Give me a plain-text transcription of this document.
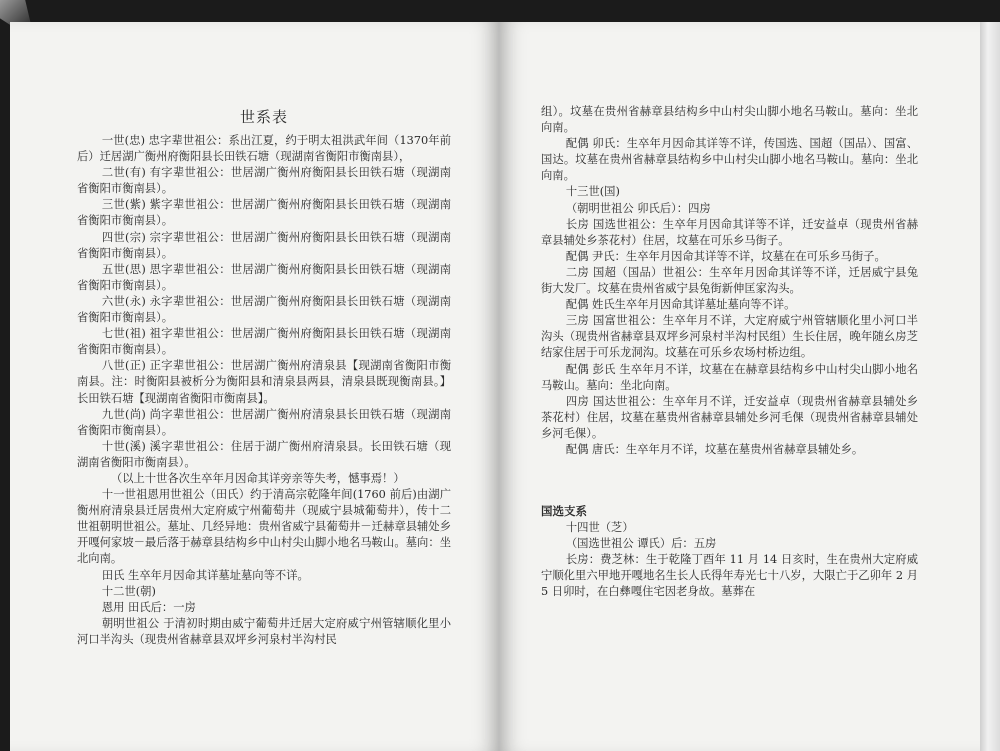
世系表

一世(忠) 忠字辈世祖公：系出江夏，约于明太祖洪武年间（1370年前后）迁居湖广衡州府衡阳县长田铁石塘（现湖南省衡阳市衡南县），

二世(有) 有字辈世祖公：世居湖广衡州府衡阳县长田铁石塘（现湖南省衡阳市衡南县）。

三世(紫) 紫字辈世祖公：世居湖广衡州府衡阳县长田铁石塘（现湖南省衡阳市衡南县）。

四世(宗) 宗字辈世祖公：世居湖广衡州府衡阳县长田铁石塘（现湖南省衡阳市衡南县）。

五世(思) 思字辈世祖公：世居湖广衡州府衡阳县长田铁石塘（现湖南省衡阳市衡南县）。

六世(永) 永字辈世祖公：世居湖广衡州府衡阳县长田铁石塘（现湖南省衡阳市衡南县）。

七世(祖) 祖字辈世祖公：世居湖广衡州府衡阳县长田铁石塘（现湖南省衡阳市衡南县）。

八世(正) 正字辈世祖公：世居湖广衡州府清泉县【现湖南省衡阳市衡南县。注：时衡阳县被析分为衡阳县和清泉县两县，清泉县既现衡南县。】长田铁石塘【现湖南省衡阳市衡南县】。

九世(尚) 尚字辈世祖公：世居湖广衡州府清泉县长田铁石塘（现湖南省衡阳市衡南县）。

十世(溪) 溪字辈世祖公：住居于湖广衡州府清泉县。长田铁石塘（现湖南省衡阳市衡南县）。

（以上十世各次生卒年月因命其详旁亲等失考，憾事焉！）

十一世祖恩用世祖公（田氏）约于清高宗乾隆年间(1760 前后)由湖广衡州府清泉县迁居贵州大定府威宁州葡萄井（现威宁县城葡萄井），传十二世祖朝明世祖公。墓址、几经异地：贵州省威宁县葡萄井－迁赫章县辅处乡开嘎何家坡－最后落于赫章县结构乡中山村尖山脚小地名马鞍山。墓向：坐北向南。

田氏 生卒年月因命其详墓址墓向等不详。

十二世(朝)

恩用 田氏后：一房

朝明世祖公 于清初时期由威宁葡萄井迁居大定府威宁州管辖顺化里小河口半沟头（现贵州省赫章县双坪乡河泉村半沟村民

组）。坟墓在贵州省赫章县结构乡中山村尖山脚小地名马鞍山。墓向：坐北向南。

配偶 卯氏：生卒年月因命其详等不详，传国选、国超（国品）、国富、国达。坟墓在贵州省赫章县结构乡中山村尖山脚小地名马鞍山。墓向：坐北向南。

十三世(国)

（朝明世祖公 卯氏后）：四房

长房 国选世祖公：生卒年月因命其详等不详，迁安益卓（现贵州省赫章县辅处乡茶花村）住居，坟墓在可乐乡马街子。

配偶 尹氏：生卒年月因命其详等不详，坟墓在在可乐乡马街子。

二房 国超（国品）世祖公：生卒年月因命其详等不详，迁居威宁县兔街大发厂。坟墓在贵州省威宁县兔街新伸匡家沟头。

配偶 姓氏生卒年月因命其详墓址墓向等不详。

三房 国富世祖公：生卒年月不详，大定府威宁州管辖顺化里小河口半沟头（现贵州省赫章县双坪乡河泉村半沟村民组）生长住居，晚年随幺房芝结家住居于可乐龙洞沟。坟墓在可乐乡农场村桥边组。

配偶 彭氏 生卒年月不详，坟墓在在赫章县结构乡中山村尖山脚小地名马鞍山。墓向：坐北向南。

四房 国达世祖公：生卒年月不详，迁安益卓（现贵州省赫章县辅处乡茶花村）住居，坟墓在墓贵州省赫章县辅处乡河毛倮（现贵州省赫章县辅处乡河毛倮）。

配偶 唐氏：生卒年月不详，坟墓在墓贵州省赫章县辅处乡。

国选支系

十四世（芝）

（国选世祖公 谭氏）后：五房

长房：费芝林：生于乾隆丁酉年 11 月 14 日亥时，生在贵州大定府威宁顺化里六甲地开嘎地名生长人氏得年寿光七十八岁，大限亡于乙卯年 2 月 5 日卯时，在白彝嘎住宅因老身故。墓葬在
